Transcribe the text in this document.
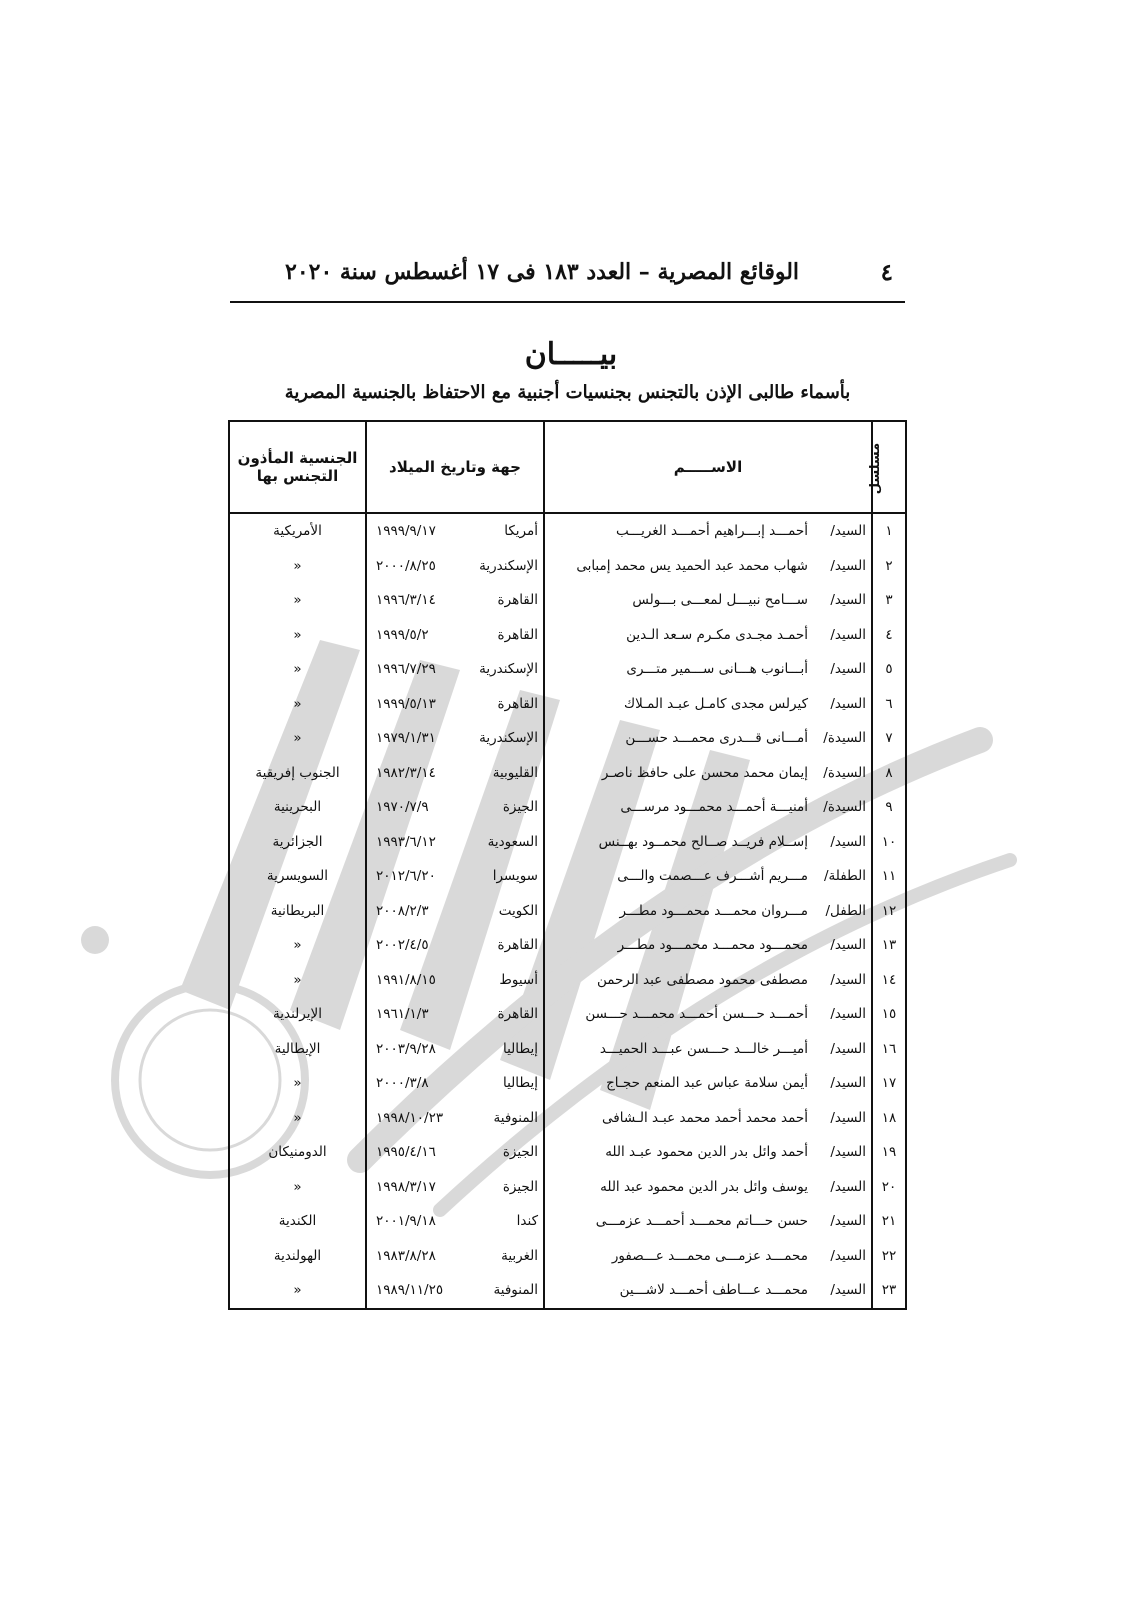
٤
الوقائع المصرية – العدد ١٨٣ فى ١٧ أغسطس سنة ٢٠٢٠
بيـــــان
بأسماء طالبى الإذن بالتجنس بجنسيات أجنبية مع الاحتفاظ بالجنسية المصرية
مسلسل	الاســـــم	جهة وتاريخ الميلاد	الجنسية المأذون التجنس بها
١	السيد/أحمـــد إبـــراهيم أحمـــد الغريـــب	أمريكا١٩٩٩/٩/١٧	الأمريكية
٢	السيد/شهاب محمد عبد الحميد يس محمد إمبابى	الإسكندرية٢٠٠٠/٨/٢٥	«
٣	السيد/ســـامح نبيـــل لمعـــى بـــولس	القاهرة١٩٩٦/٣/١٤	«
٤	السيد/أحمـد مجـدى مكـرم سـعد الـدين	القاهرة١٩٩٩/٥/٢	«
٥	السيد/أبـــانوب هـــانى ســـمير متـــرى	الإسكندرية١٩٩٦/٧/٢٩	«
٦	السيد/كيرلس مجدى كامـل عبـد المـلاك	القاهرة١٩٩٩/٥/١٣	«
٧	السيدة/أمـــانى قـــدرى محمـــد حســـن	الإسكندرية١٩٧٩/١/٣١	«
٨	السيدة/إيمان محمد محسن على حافظ ناصـر	القليوبية١٩٨٢/٣/١٤	الجنوب إفريقية
٩	السيدة/أمنيـــة أحمـــد محمـــود مرســـى	الجيزة١٩٧٠/٧/٩	البحرينية
١٠	السيد/إســلام فريــد صــالح محمــود بهــنس	السعودية١٩٩٣/٦/١٢	الجزائرية
١١	الطفلة/مـــريم أشـــرف عـــصمت والـــى	سويسرا٢٠١٢/٦/٢٠	السويسرية
١٢	الطفل/مـــروان محمـــد محمـــود مطـــر	الكويت٢٠٠٨/٢/٣	البريطانية
١٣	السيد/محمـــود محمـــد محمـــود مطـــر	القاهرة٢٠٠٢/٤/٥	«
١٤	السيد/مصطفى محمود مصطفى عبد الرحمن	أسيوط١٩٩١/٨/١٥	«
١٥	السيد/أحمـــد حـــسن أحمـــد محمـــد حـــسن	القاهرة١٩٦١/١/٣	الإيرلندية
١٦	السيد/أميـــر خالـــد حـــسن عبـــد الحميـــد	إيطاليا٢٠٠٣/٩/٢٨	الإيطالية
١٧	السيد/أيمن سلامة عباس عبد المنعم حجـاج	إيطاليا٢٠٠٠/٣/٨	«
١٨	السيد/أحمد محمد أحمد محمد عبـد الـشافى	المنوفية١٩٩٨/١٠/٢٣	«
١٩	السيد/أحمد وائل بدر الدين محمود عبـد الله	الجيزة١٩٩٥/٤/١٦	الدومنيكان
٢٠	السيد/يوسف وائل بدر الدين محمود عبد الله	الجيزة١٩٩٨/٣/١٧	«
٢١	السيد/حسن حـــاتم محمـــد أحمـــد عزمـــى	كندا٢٠٠١/٩/١٨	الكندية
٢٢	السيد/محمـــد عزمـــى محمـــد عـــصفور	الغربية١٩٨٣/٨/٢٨	الهولندية
٢٣	السيد/محمـــد عـــاطف أحمـــد لاشـــين	المنوفية١٩٨٩/١١/٢٥	«
